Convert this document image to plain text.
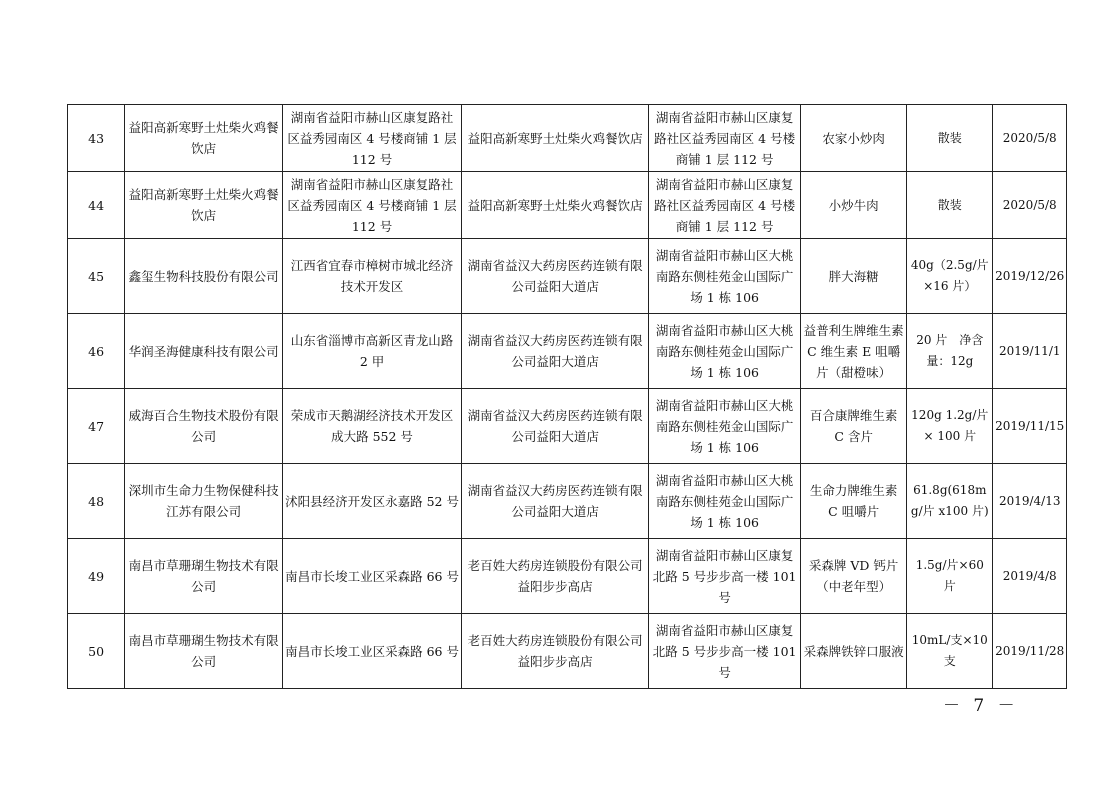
43	益阳高新寒野土灶柴火鸡餐饮店	湖南省益阳市赫山区康复路社区益秀园南区 4 号楼商铺 1 层 112 号	益阳高新寒野土灶柴火鸡餐饮店	湖南省益阳市赫山区康复路社区益秀园南区 4 号楼商铺 1 层 112 号	农家小炒肉	散装	2020/5/8
44	益阳高新寒野土灶柴火鸡餐饮店	湖南省益阳市赫山区康复路社区益秀园南区 4 号楼商铺 1 层 112 号	益阳高新寒野土灶柴火鸡餐饮店	湖南省益阳市赫山区康复路社区益秀园南区 4 号楼商铺 1 层 112 号	小炒牛肉	散装	2020/5/8
45	鑫玺生物科技股份有限公司	江西省宜春市樟树市城北经济技术开发区	湖南省益汉大药房医药连锁有限公司益阳大道店	湖南省益阳市赫山区大桃南路东侧桂苑金山国际广场 1 栋 106	胖大海糖	40g（2.5g/片×16 片）	2019/12/26
46	华润圣海健康科技有限公司	山东省淄博市高新区青龙山路 2 甲	湖南省益汉大药房医药连锁有限公司益阳大道店	湖南省益阳市赫山区大桃南路东侧桂苑金山国际广场 1 栋 106	益普利生牌维生素 C 维生素 E 咀嚼片（甜橙味）	20 片　净含量：12g	2019/11/1
47	威海百合生物技术股份有限公司	荣成市天鹅湖经济技术开发区成大路 552 号	湖南省益汉大药房医药连锁有限公司益阳大道店	湖南省益阳市赫山区大桃南路东侧桂苑金山国际广场 1 栋 106	百合康牌维生素 C 含片	120g 1.2g/片× 100 片	2019/11/15
48	深圳市生命力生物保健科技江苏有限公司	沭阳县经济开发区永嘉路 52 号	湖南省益汉大药房医药连锁有限公司益阳大道店	湖南省益阳市赫山区大桃南路东侧桂苑金山国际广场 1 栋 106	生命力牌维生素 C 咀嚼片	61.8g(618mg/片 x100 片)	2019/4/13
49	南昌市草珊瑚生物技术有限公司	南昌市长埈工业区采森路 66 号	老百姓大药房连锁股份有限公司益阳步步高店	湖南省益阳市赫山区康复北路 5 号步步高一楼 101 号	采森牌 VD 钙片（中老年型）	1.5g/片×60 片	2019/4/8
50	南昌市草珊瑚生物技术有限公司	南昌市长埈工业区采森路 66 号	老百姓大药房连锁股份有限公司益阳步步高店	湖南省益阳市赫山区康复北路 5 号步步高一楼 101 号	采森牌铁锌口服液	10mL/支×10 支	2019/11/28
－ 7 －
